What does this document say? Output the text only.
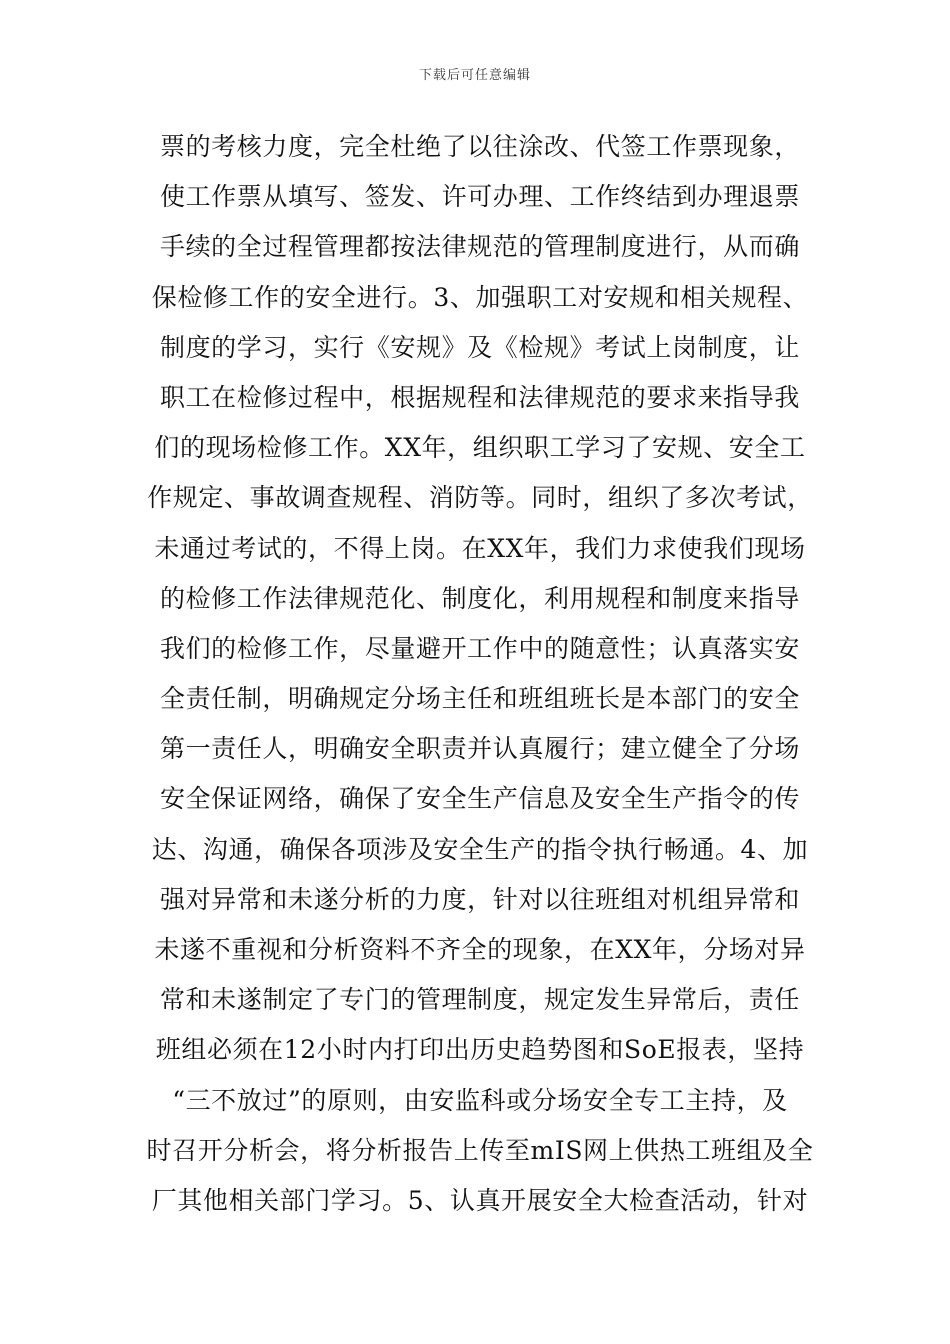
下载后可任意编辑
票的考核力度，完全杜绝了以往涂改、代签工作票现象，
使工作票从填写、签发、许可办理、工作终结到办理退票
手续的全过程管理都按法律规范的管理制度进行，从而确
保检修工作的安全进行。3、加强职工对安规和相关规程、
制度的学习，实行《安规》及《检规》考试上岗制度，让
职工在检修过程中，根据规程和法律规范的要求来指导我
们的现场检修工作。XX年，组织职工学习了安规、安全工
作规定、事故调查规程、消防等。同时，组织了多次考试，
未通过考试的，不得上岗。在XX年，我们力求使我们现场
的检修工作法律规范化、制度化，利用规程和制度来指导
我们的检修工作，尽量避开工作中的随意性；认真落实安
全责任制，明确规定分场主任和班组班长是本部门的安全
第一责任人，明确安全职责并认真履行；建立健全了分场
安全保证网络，确保了安全生产信息及安全生产指令的传
达、沟通，确保各项涉及安全生产的指令执行畅通。4、加
强对异常和未遂分析的力度，针对以往班组对机组异常和
未遂不重视和分析资料不齐全的现象，在XX年，分场对异
常和未遂制定了专门的管理制度，规定发生异常后，责任
班组必须在12小时内打印出历史趋势图和SoE报表，坚持
“三不放过”的原则，由安监科或分场安全专工主持，及
时召开分析会，将分析报告上传至mIS网上供热工班组及全
厂其他相关部门学习。5、认真开展安全大检查活动，针对
